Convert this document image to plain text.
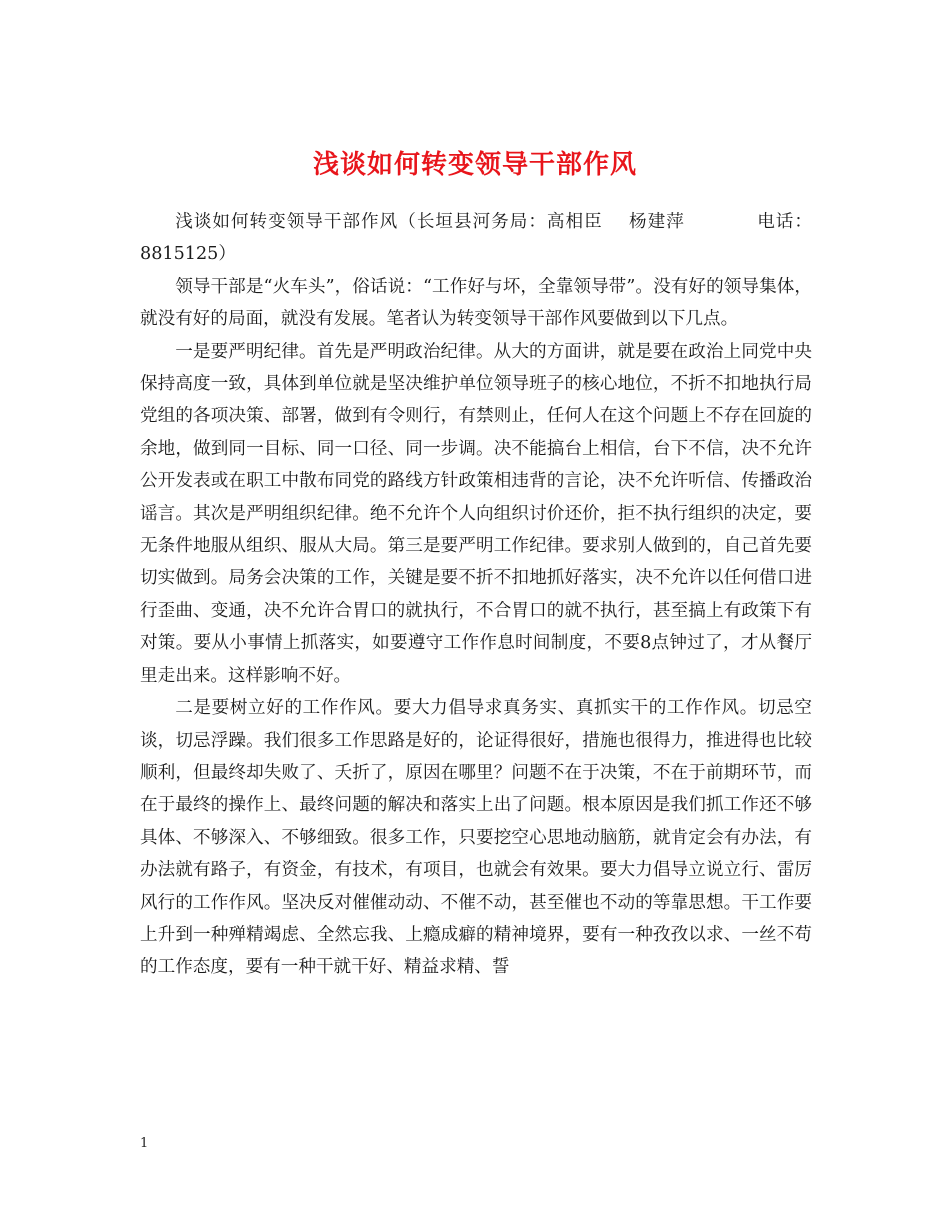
浅谈如何转变领导干部作风

浅谈如何转变领导干部作风（长垣县河务局：高相臣    杨建萍           电话：8815125）

领导干部是“火车头”，俗话说：“工作好与坏，全靠领导带”。没有好的领导集体，就没有好的局面，就没有发展。笔者认为转变领导干部作风要做到以下几点。

一是要严明纪律。首先是严明政治纪律。从大的方面讲，就是要在政治上同党中央保持高度一致，具体到单位就是坚决维护单位领导班子的核心地位，不折不扣地执行局党组的各项决策、部署，做到有令则行，有禁则止，任何人在这个问题上不存在回旋的余地，做到同一目标、同一口径、同一步调。决不能搞台上相信，台下不信，决不允许公开发表或在职工中散布同党的路线方针政策相违背的言论，决不允许听信、传播政治谣言。其次是严明组织纪律。绝不允许个人向组织讨价还价，拒不执行组织的决定，要无条件地服从组织、服从大局。第三是要严明工作纪律。要求别人做到的，自己首先要切实做到。局务会决策的工作，关键是要不折不扣地抓好落实，决不允许以任何借口进行歪曲、变通，决不允许合胃口的就执行，不合胃口的就不执行，甚至搞上有政策下有对策。要从小事情上抓落实，如要遵守工作作息时间制度，不要8点钟过了，才从餐厅里走出来。这样影响不好。

二是要树立好的工作作风。要大力倡导求真务实、真抓实干的工作作风。切忌空谈，切忌浮躁。我们很多工作思路是好的，论证得很好，措施也很得力，推进得也比较顺利，但最终却失败了、夭折了，原因在哪里？问题不在于决策，不在于前期环节，而在于最终的操作上、最终问题的解决和落实上出了问题。根本原因是我们抓工作还不够具体、不够深入、不够细致。很多工作，只要挖空心思地动脑筋，就肯定会有办法，有办法就有路子，有资金，有技术，有项目，也就会有效果。要大力倡导立说立行、雷厉风行的工作作风。坚决反对催催动动、不催不动，甚至催也不动的等靠思想。干工作要上升到一种殚精竭虑、全然忘我、上瘾成癖的精神境界，要有一种孜孜以求、一丝不苟的工作态度，要有一种干就干好、精益求精、誓

1
